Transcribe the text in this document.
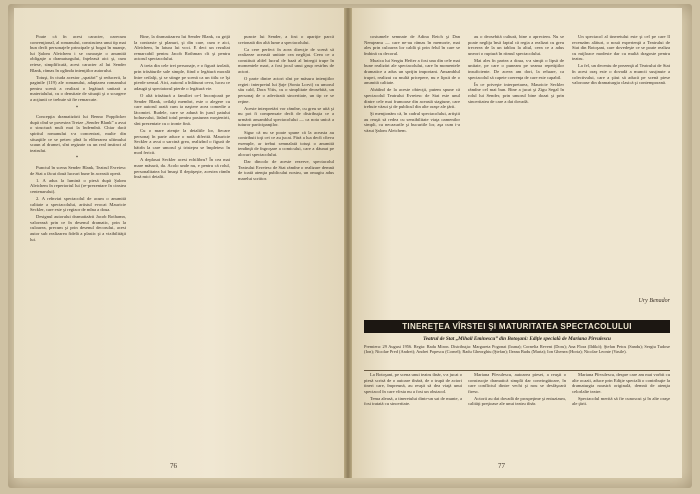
Poate că în acest caracter, oarecum convenţional, al romanului, construirea unui tip mai bun decît personajele principale şi bogat în nuanţe, lui Şalom Aleichem i se cunoaşte o anumită obligaţie a dramaturgului, înţeleasă aici şi, cum reiese, simplificată, acest caracter al lui Sender Blank, rămas în oglinda intenţiilor autorului.

Totuşi, în ciuda acestor „spatări” şi reducerii, la paginile (119) ale romanului, adaptarea romanului pentru scenă a realizat o legătură unitară a materialului, cu o densitate de situaţii şi o scurgere a acţiunii ce trebuie să fie remarcate.

*

Concepţia dramatizării lui Benno Popplicker după cînd se povestea Treize „Sender Blank” a avut o structură mult mai la îndemînă. Chiar dacă spiritul romanului s-a concentrat, multe din situaţiile ce se petrec pînă la eliberarea ultimului scaun al dramei, sînt regizate cu un real instinct al teatrului.

*

Punctul în scena Sender Blank, Teatrul Evreiesc de Stat a făcut două lucruri bune în această operă.

1. A adus la lumină o piesă după Şalom Aleichem în repertoriul lui (re-prezentare în cinstea centenarului).

2. A reînviat spectacolul de acum o anumită calitate a spectacolului, artistul evocat Mauricie Seckler, care este şi regizor de mîna a doua.

Designul autorului dramatizării Jacob Rothamn, valorează prin ce în desenul dramatic, prin la culoarea, precum şi prin desenul decorului, acest autor sub realizarea fidelă a plastic şi a vizibilităţii lui.

Bine, la dramatizarea lui Sender Blank, cu grijă la contraste şi planuri, şi din care, cum e aici, Aleichem, în latura lui voci. E deci un rezultat remarcabil pentru Jacob Rothman cît şi pentru actorul spectacolului.

A treia din cele trei personaje, e o figură izolată, prin trăsăturile sale simple, fiind o legătură morală între ceilalţi, şi se stinge pe scenă ca un titlu ce îşi pierde sensul. Aici, autorul a înlăturat ceva, lucru ce adaugă şi spectatorul pierde o legătură vie.

O altă trăsătură a familiei ce-l înconjoară pe Sender Blank, ceilalţi membri, este o alegere cu care autorul arată cum ia naştere acea comedie a lăcomiei. Rudele, care se adună în jurul patului bolnavului, lăsînd totul pentru pasiunea moştenirii, sînt prezentate cu o ironie fină.

Cu o mare atenţie la detaliile lor, fiecare personaj în parte aduce o notă diferită. Mauricie Seckler a avut o sarcină grea, realizînd o figură de bătrîn la care umorul şi tristeţea se împletesc în mod fericit.

A deplasat Seckler acest echilibru? În cea mai mare măsură, da. Acolo unde nu, e pentru că rolul, personalitatea lui însuşi îl depăşeşte, acestea rămîn însă mici detalii.

puncte lui Sender, a fost o apariţie parcă creionată din altă lume a spectacolului.

Ca cere perfect în acea direcţie de scenă să realizeze această unitate cea neglijat. Ceea ce a constituit altfel lucrul de bază al întregii trupe în momentele mari, a fost jocul unui grup restrîns de actori.

O parte dintre actori sînt pe măsura intenţiilor regiei: interpretul lui Şaje (Sonia Lorvi) cu umorul său cald, Dora Vitis, cu o simplitate deosebită, un personaj de o adevărată sinceritate, un tip ce se reţine.

Aceste interpretări vor rămîne, cu greu se uită şi nu pot fi compensate decît de distribuţia ce a urmărit ansamblul spectacolului — ca nota unică a tuturor participanţilor.

Sigur că nu se poate spune că la aceasta au contribuit toţi cei ce au jucat. Fără a lua decît cîteva exemple, ar trebui semnalată totuşi o anumită tendinţă de îngroşare a comicului, care a dăunat pe alocuri spectacolului.

Dar dincolo de aceste rezerve, spectacolul Teatrului Evreiesc de Stat rămîne o realizare demnă de toată atenţia publicului nostru, un omagiu adus marelui scriitor.

76

costumele semnate de Adina Reich şi Dan Nemţeanu — care ne-au rămas în memorie, mai ales prin culoarea lor caldă şi prin felul în care se îmbină cu decorul.

Muzica lui Sergiu Hefter a fost una din cele mai bune realizări ale spectacolului, care în momentele dramatice a adus un sprijin important. Ansamblul trupei, realizat cu multă pricepere, nu e lipsit de o anumită calitate.

Abătînd de la aceste obiecţii, putem spune că spectacolul Teatrului Evreiesc de Stat este unul dintre cele mai frumoase din această stagiune, care trebuie văzut şi de publicul din alte oraşe ale ţării.

Şi menţionăm că, în cadrul spectacolului, artiştii au reuşit să redea cu sensibilitate viaţa oamenilor simpli, cu necazurile şi bucuriile lor, aşa cum i-a văzut Şalom Aleichem.

au o deosebită cultură, bine o apreciem. Nu se poate neglija însă faptul că regia a realizat cu greu trecerea de la un tablou la altul, ceea ce a adus uneori o ruptură în ritmul spectacolului.

Mai ales în partea a doua, s-a simţit o lipsă de unitate, pe care o puneam pe seama repetiţiilor insuficiente. De aceea am dori, la reluare, ca spectacolul să capete coerenţa de care este capabil.

În ce priveşte interpretarea, Mauricie Seckler rămîne cel mai bun. Bine a jucat şi Zigu Segal în rolul lui Sender, prin umorul bine dozat şi prin sinceritatea de care a dat dovadă.

Un spectacol al tineretului este şi cel pe care îl recenzăm alături, o nouă experienţă a Teatrului de Stat din Botoşani, care dovedeşte ce se poate realiza cu mijloace modeste dar cu multă dragoste pentru teatru.

La fel, un deceniu de prezenţă al Teatrului de Stat în acest oraş este o dovadă a muncii susţinute a colectivului, care a ştiut să aducă pe scenă piese valoroase din dramaturgia clasică şi contemporană.

Ury Benador
TINEREŢEA VÎRSTEI ŞI MATURITATEA SPECTACOLULUI
Teatrul de Stat „Mihail Eminescu” din Botoşani: Ediţie specială de Mariana Pîrvulescu
Premiera: 29 August 1956. Regia: Radu Miron. Distribuţia: Margareta Pogonat (Ioana); Cornelia Revent (Doru); Ana Flora (Ildikó); Ştefan Petcu (Sandu); Sergiu Tudose (Ion); Nicolae Pred (Andrei); Andrei Popescu (Cornel); Radu Gheorghiu (Ştefan); Ileana Budu (Maria); Ion Ghenea (Horia); Nicolae Leonte (Vasile).

La Botoşani, pe scena unui teatru tînăr, s-a jucat o piesă scrisă de o autoare tînără, de o trupă de actori tineri care, împreună, au reuşit să dea viaţă unui spectacol în care vîrsta nu a fost un obstacol.

Tema aleasă, a tineretului dintr-un sat de munte, a fost tratată cu sinceritate.

Mariana Pîrvulescu, autoarea piesei, a reuşit o construcţie dramatică simplă dar convingătoare, în care conflictul dintre vechi şi nou se desfăşoară firesc.

Actorii au dat dovadă de prospeţime şi entuziasm, calităţi preţioase ale unui teatru tînăr.

Mariana Pîrvulescu, despre care am mai vorbit cu alte ocazii, aduce prin Ediţie specială o contribuţie la dramaturgia noastră originală, demnă de atenţia celorlalte teatre.

Spectacolul merită să fie cunoscut şi în alte oraşe ale ţării.

77
